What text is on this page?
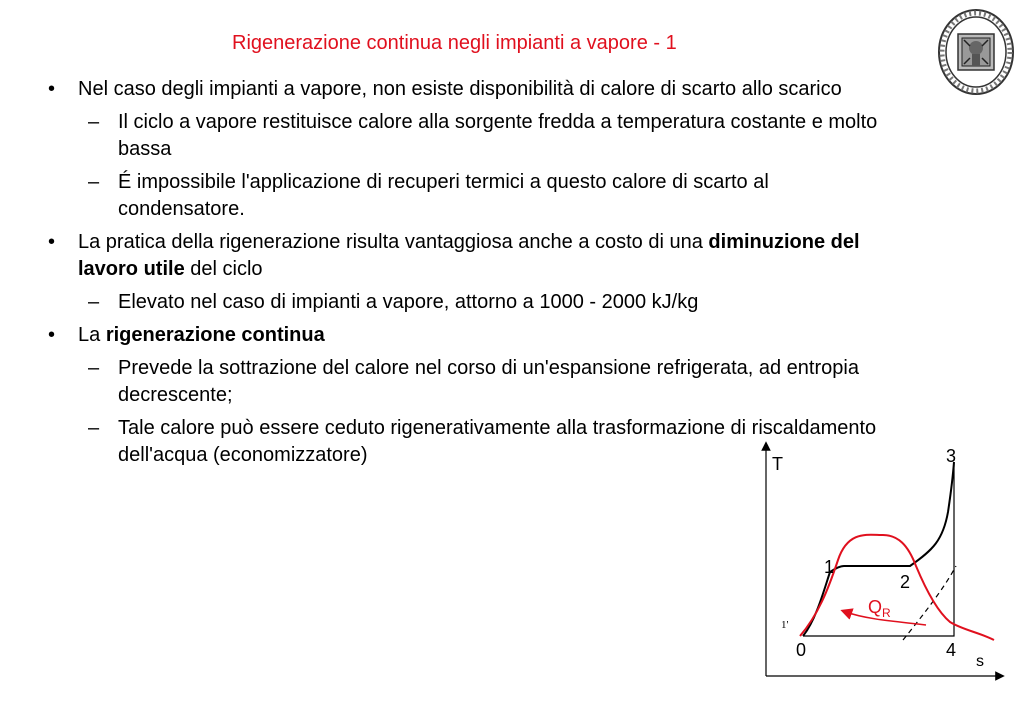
Rigenerazione continua negli impianti a vapore - 1
• Nel caso degli impianti a vapore, non esiste disponibilità di calore di scarto allo scarico
– Il ciclo a vapore restituisce calore alla sorgente fredda a temperatura costante e molto bassa
– É impossibile l'applicazione di recuperi termici a questo calore di scarto al condensatore.
• La pratica della rigenerazione risulta vantaggiosa anche a costo di una diminuzione del lavoro utile del ciclo
– Elevato nel caso di impianti a vapore, attorno a 1000 - 2000 kJ/kg
• La rigenerazione continua
– Prevede la sottrazione del calore nel corso di un'espansione refrigerata, ad entropia decrescente;
– Tale calore può essere ceduto rigenerativamente alla trasformazione di riscaldamento dell'acqua (economizzatore)	T
s
$Q_R$
0
1
1'
2
3
4
